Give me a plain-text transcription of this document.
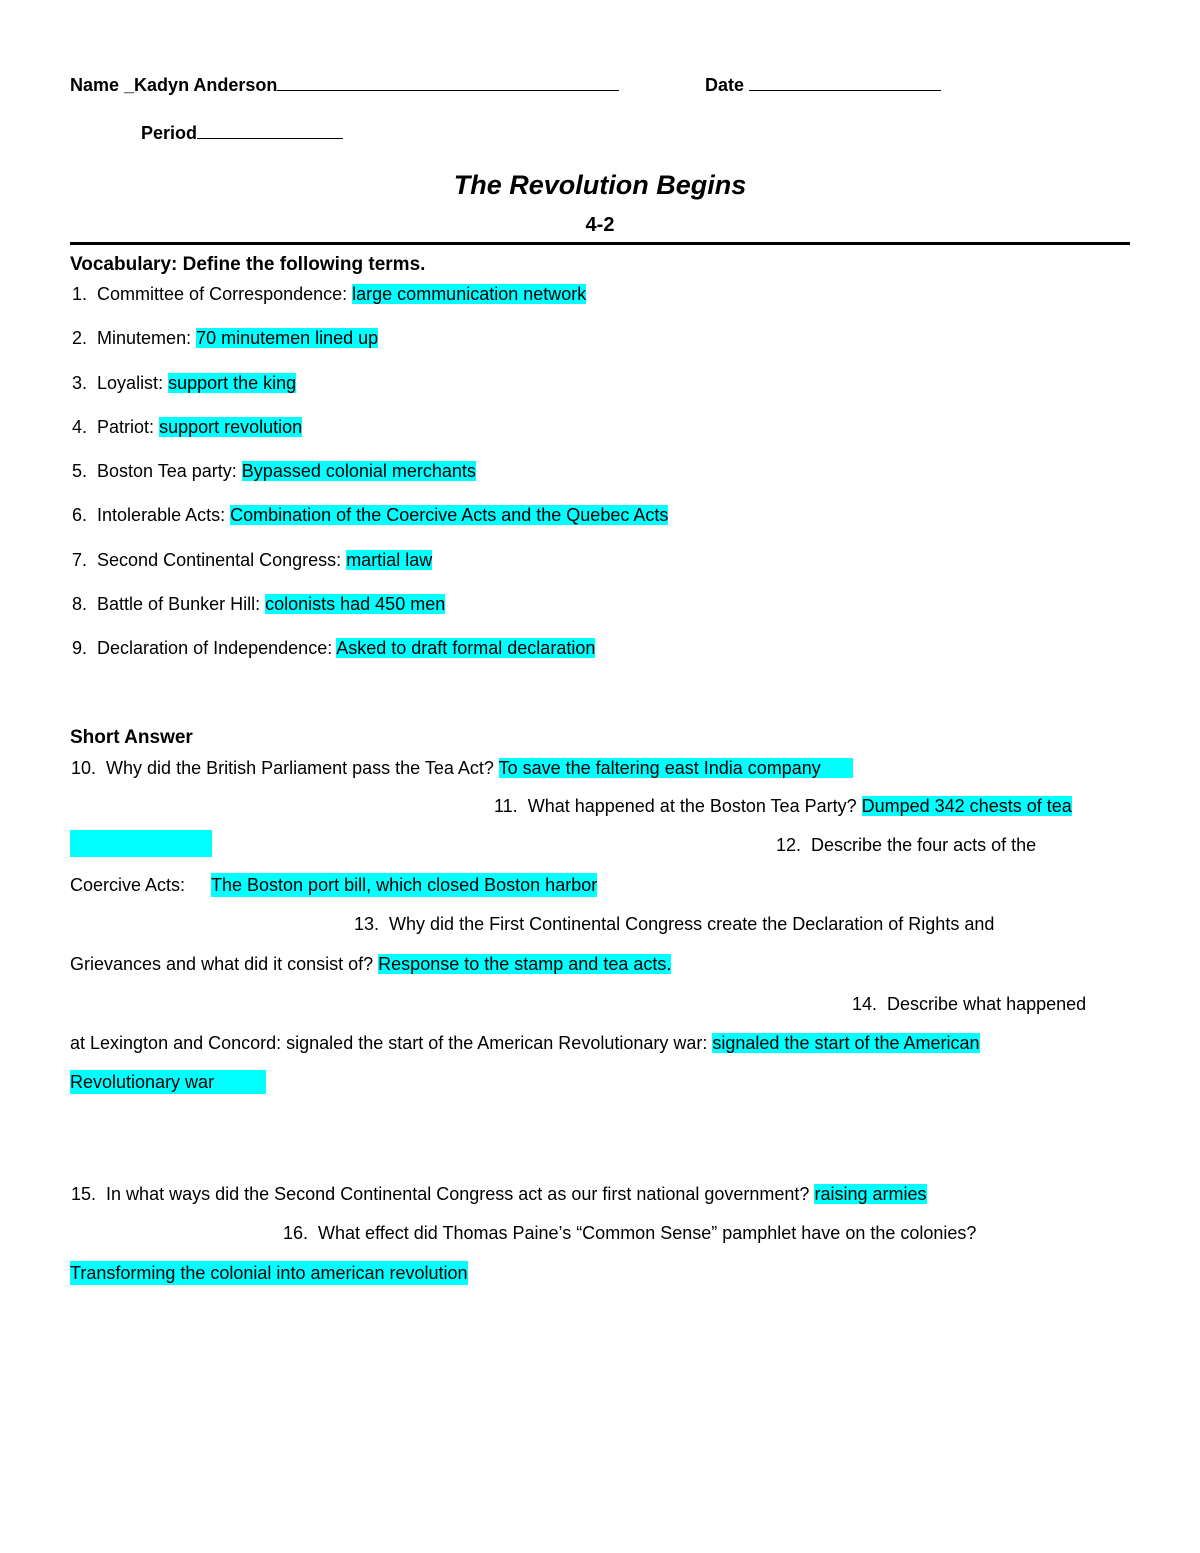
Name _Kadyn Anderson	Date
Period
The Revolution Begins
4-2
Vocabulary: Define the following terms.
1. Committee of Correspondence: large communication network
2. Minutemen: 70 minutemen lined up
3. Loyalist: support the king
4. Patriot: support revolution
5. Boston Tea party: Bypassed colonial merchants
6. Intolerable Acts: Combination of the Coercive Acts and the Quebec Acts
7. Second Continental Congress: martial law
8. Battle of Bunker Hill: colonists had 450 men
9. Declaration of Independence: Asked to draft formal declaration
Short Answer
10. Why did the British Parliament pass the Tea Act? To save the faltering east India company
11. What happened at the Boston Tea Party? Dumped 342 chests of tea
12. Describe the four acts of the
Coercive Acts: The Boston port bill, which closed Boston harbor
13. Why did the First Continental Congress create the Declaration of Rights and
Grievances and what did it consist of? Response to the stamp and tea acts.
14. Describe what happened
at Lexington and Concord: signaled the start of the American Revolutionary war: signaled the start of the American
Revolutionary war
15. In what ways did the Second Continental Congress act as our first national government? raising armies
16. What effect did Thomas Paine’s “Common Sense” pamphlet have on the colonies?
Transforming the colonial into american revolution
